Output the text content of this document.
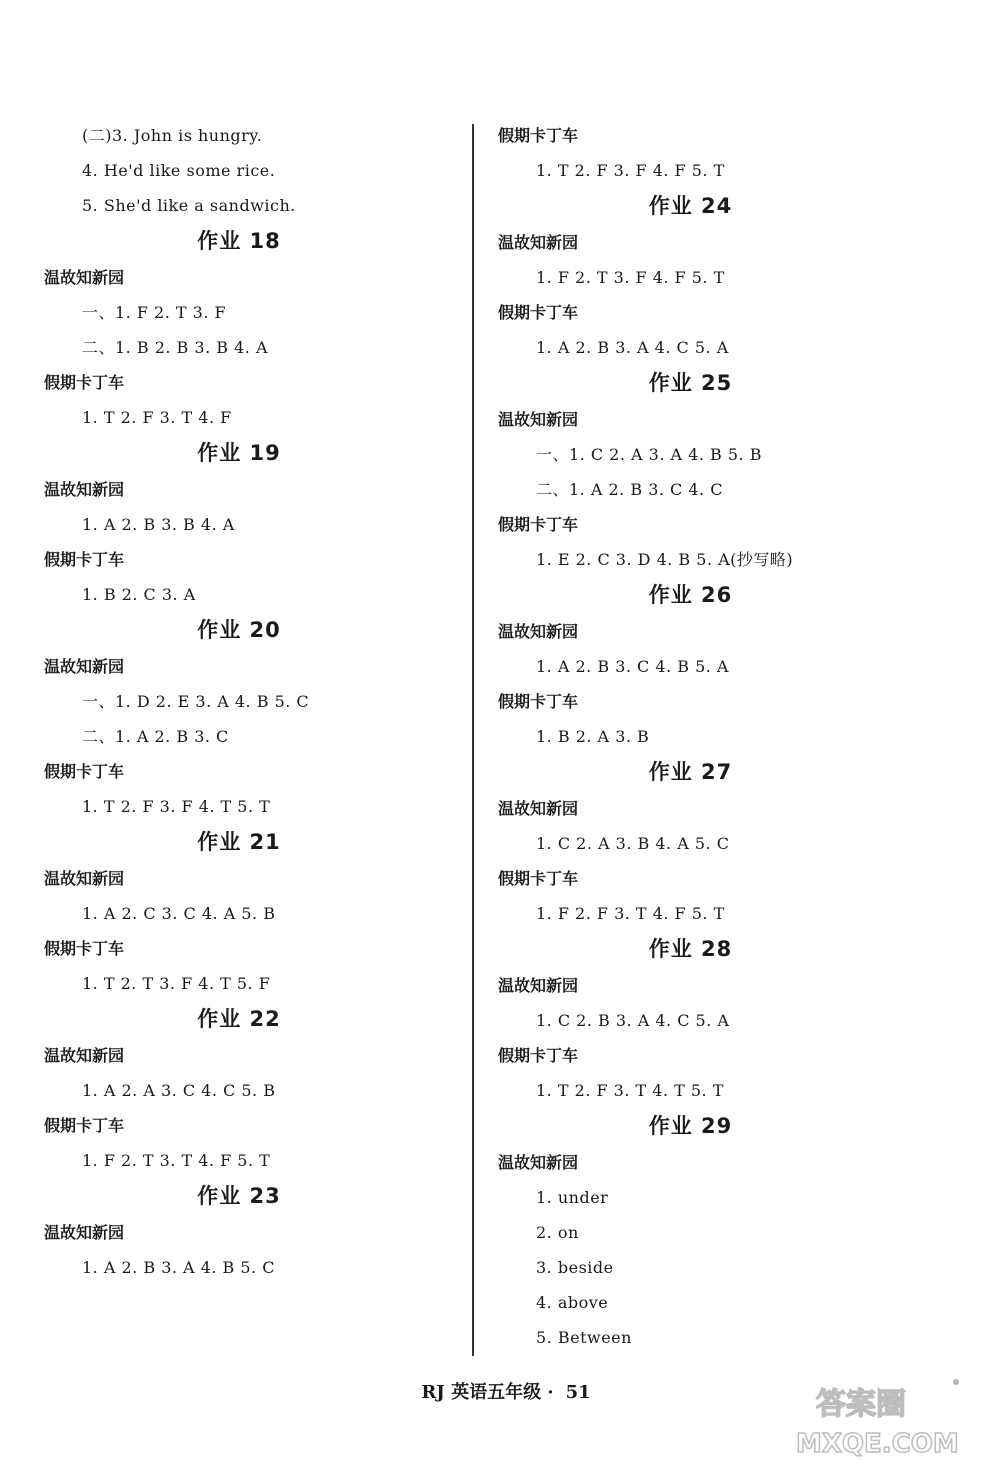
(二)3. John is hungry.
4. He'd like some rice.
5. She'd like a sandwich.
作业 18
温故知新园
一、1. F 2. T 3. F
二、1. B 2. B 3. B 4. A
假期卡丁车
1. T 2. F 3. T 4. F
作业 19
温故知新园
1. A 2. B 3. B 4. A
假期卡丁车
1. B 2. C 3. A
作业 20
温故知新园
一、1. D 2. E 3. A 4. B 5. C
二、1. A 2. B 3. C
假期卡丁车
1. T 2. F 3. F 4. T 5. T
作业 21
温故知新园
1. A 2. C 3. C 4. A 5. B
假期卡丁车
1. T 2. T 3. F 4. T 5. F
作业 22
温故知新园
1. A 2. A 3. C 4. C 5. B
假期卡丁车
1. F 2. T 3. T 4. F 5. T
作业 23
温故知新园
1. A 2. B 3. A 4. B 5. C
假期卡丁车
1. T 2. F 3. F 4. F 5. T
作业 24
温故知新园
1. F 2. T 3. F 4. F 5. T
假期卡丁车
1. A 2. B 3. A 4. C 5. A
作业 25
温故知新园
一、1. C 2. A 3. A 4. B 5. B
二、1. A 2. B 3. C 4. C
假期卡丁车
1. E 2. C 3. D 4. B 5. A(抄写略)
作业 26
温故知新园
1. A 2. B 3. C 4. B 5. A
假期卡丁车
1. B 2. A 3. B
作业 27
温故知新园
1. C 2. A 3. B 4. A 5. C
假期卡丁车
1. F 2. F 3. T 4. F 5. T
作业 28
温故知新园
1. C 2. B 3. A 4. C 5. A
假期卡丁车
1. T 2. F 3. T 4. T 5. T
作业 29
温故知新园
1. under
2. on
3. beside
4. above
5. Between
RJ 英语五年级 · 51	答案圈
MXQE.COM
